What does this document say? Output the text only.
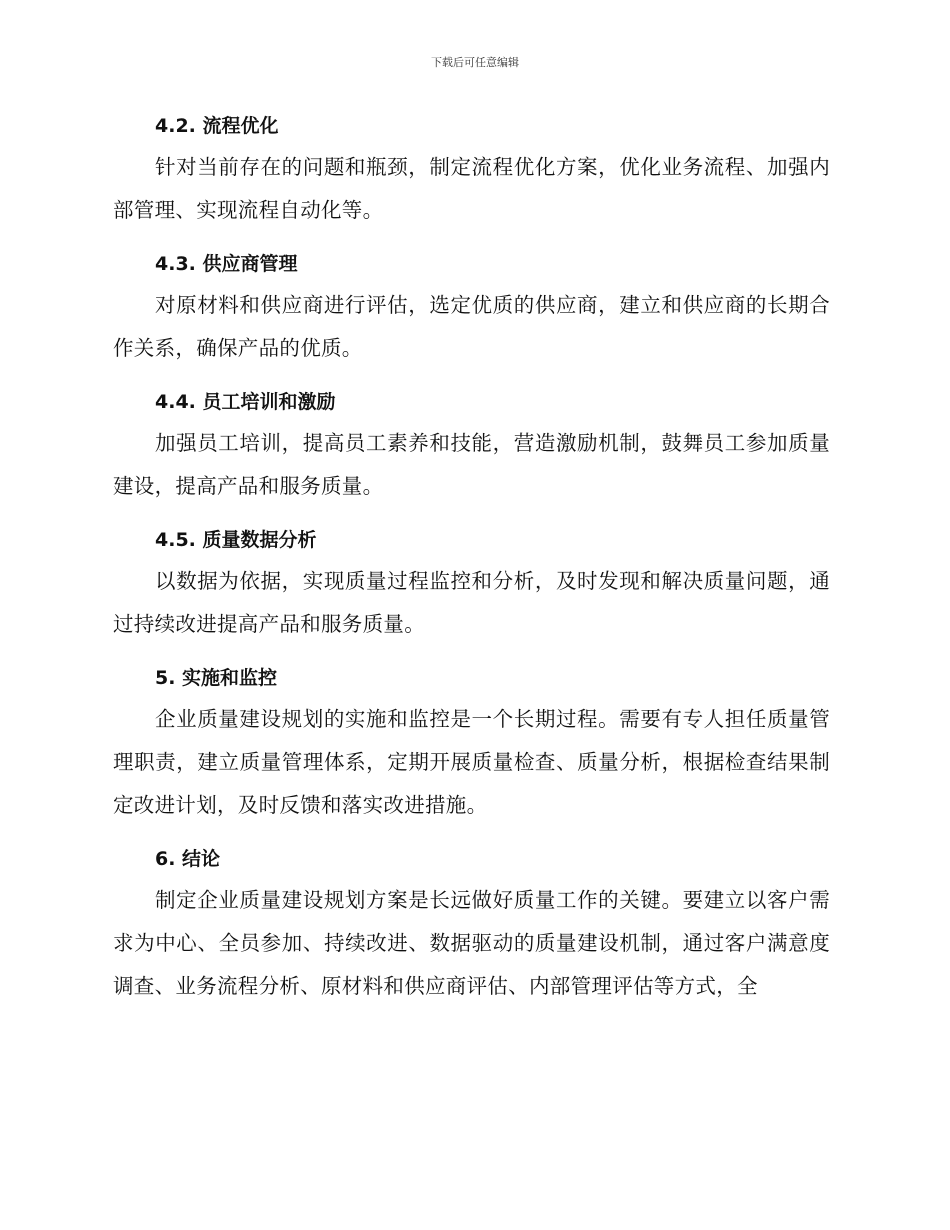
下载后可任意编辑
4.2. 流程优化

针对当前存在的问题和瓶颈，制定流程优化方案，优化业务流程、加强内部管理、实现流程自动化等。

4.3. 供应商管理

对原材料和供应商进行评估，选定优质的供应商，建立和供应商的长期合作关系，确保产品的优质。

4.4. 员工培训和激励

加强员工培训，提高员工素养和技能，营造激励机制，鼓舞员工参加质量建设，提高产品和服务质量。

4.5. 质量数据分析

以数据为依据，实现质量过程监控和分析，及时发现和解决质量问题，通过持续改进提高产品和服务质量。

5. 实施和监控

企业质量建设规划的实施和监控是一个长期过程。需要有专人担任质量管理职责，建立质量管理体系，定期开展质量检查、质量分析，根据检查结果制定改进计划，及时反馈和落实改进措施。

6. 结论

制定企业质量建设规划方案是长远做好质量工作的关键。要建立以客户需求为中心、全员参加、持续改进、数据驱动的质量建设机制，通过客户满意度调查、业务流程分析、原材料和供应商评估、内部管理评估等方式，全
